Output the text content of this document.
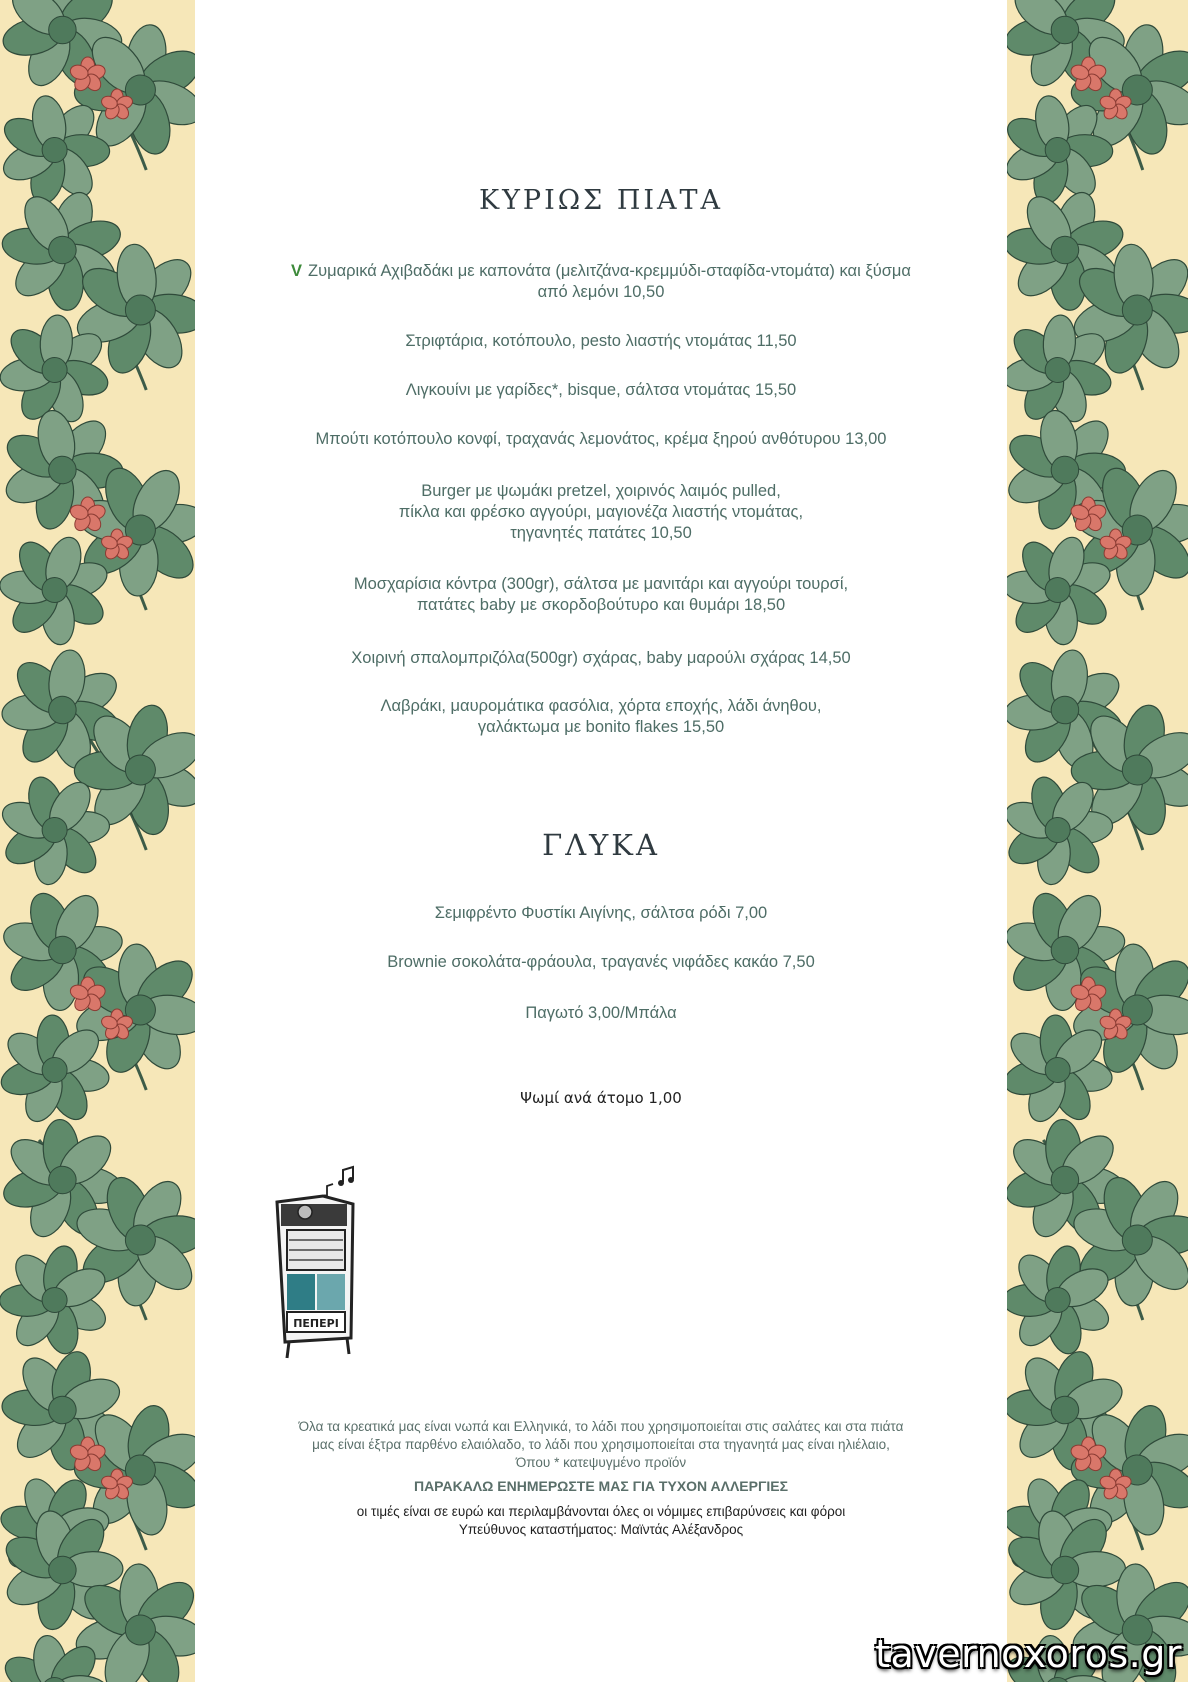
ΚΥΡΙΩΣ ΠΙΑΤΑ
V Ζυμαρικά Αχιβαδάκι με καπονάτα (μελιτζάνα-κρεμμύδι-σταφίδα-ντομάτα) και ξύσμα
από λεμόνι 10,50
Στριφτάρια, κοτόπουλο, pesto λιαστής ντομάτας 11,50
Λιγκουίνι με γαρίδες*, bisque, σάλτσα ντομάτας 15,50
Μπούτι κοτόπουλο κονφί, τραχανάς λεμονάτος, κρέμα ξηρού ανθότυρου 13,00
Burger με ψωμάκι pretzel, χοιρινός λαιμός pulled,
πίκλα και φρέσκο αγγούρι, μαγιονέζα λιαστής ντομάτας,
τηγανητές πατάτες 10,50
Μοσχαρίσια κόντρα (300gr), σάλτσα με μανιτάρι και αγγούρι τουρσί,
πατάτες baby με σκορδοβούτυρο και θυμάρι 18,50
Χοιρινή σπαλομπριζόλα(500gr) σχάρας, baby μαρούλι σχάρας 14,50
Λαβράκι, μαυρομάτικα φασόλια, χόρτα εποχής, λάδι άνηθου,
γαλάκτωμα με bonito flakes 15,50
ΓΛΥΚΑ
Σεμιφρέντο Φυστίκι Αιγίνης, σάλτσα ρόδι 7,00
Brownie σοκολάτα-φράουλα, τραγανές νιφάδες κακάο 7,50
Παγωτό 3,00/Μπάλα
Ψωμί ανά άτομο 1,00
ΠΕΠΕΡΙ
Όλα τα κρεατικά μας είναι νωπά και Ελληνικά, το λάδι που χρησιμοποιείται στις σαλάτες και στα πιάτα
μας είναι έξτρα παρθένο ελαιόλαδο, το λάδι που χρησιμοποιείται στα τηγανητά μας είναι ηλιέλαιο,
Όπου * κατεψυγμένο προϊόν
ΠΑΡΑΚΑΛΩ ΕΝΗΜΕΡΩΣΤΕ ΜΑΣ ΓΙΑ ΤΥΧΟΝ ΑΛΛΕΡΓΙΕΣ
οι τιμές είναι σε ευρώ και περιλαμβάνονται όλες οι νόμιμες επιβαρύνσεις και φόροι
Υπεύθυνος καταστήματος: Μαϊντάς Αλέξανδρος
tavernoxoros.gr
